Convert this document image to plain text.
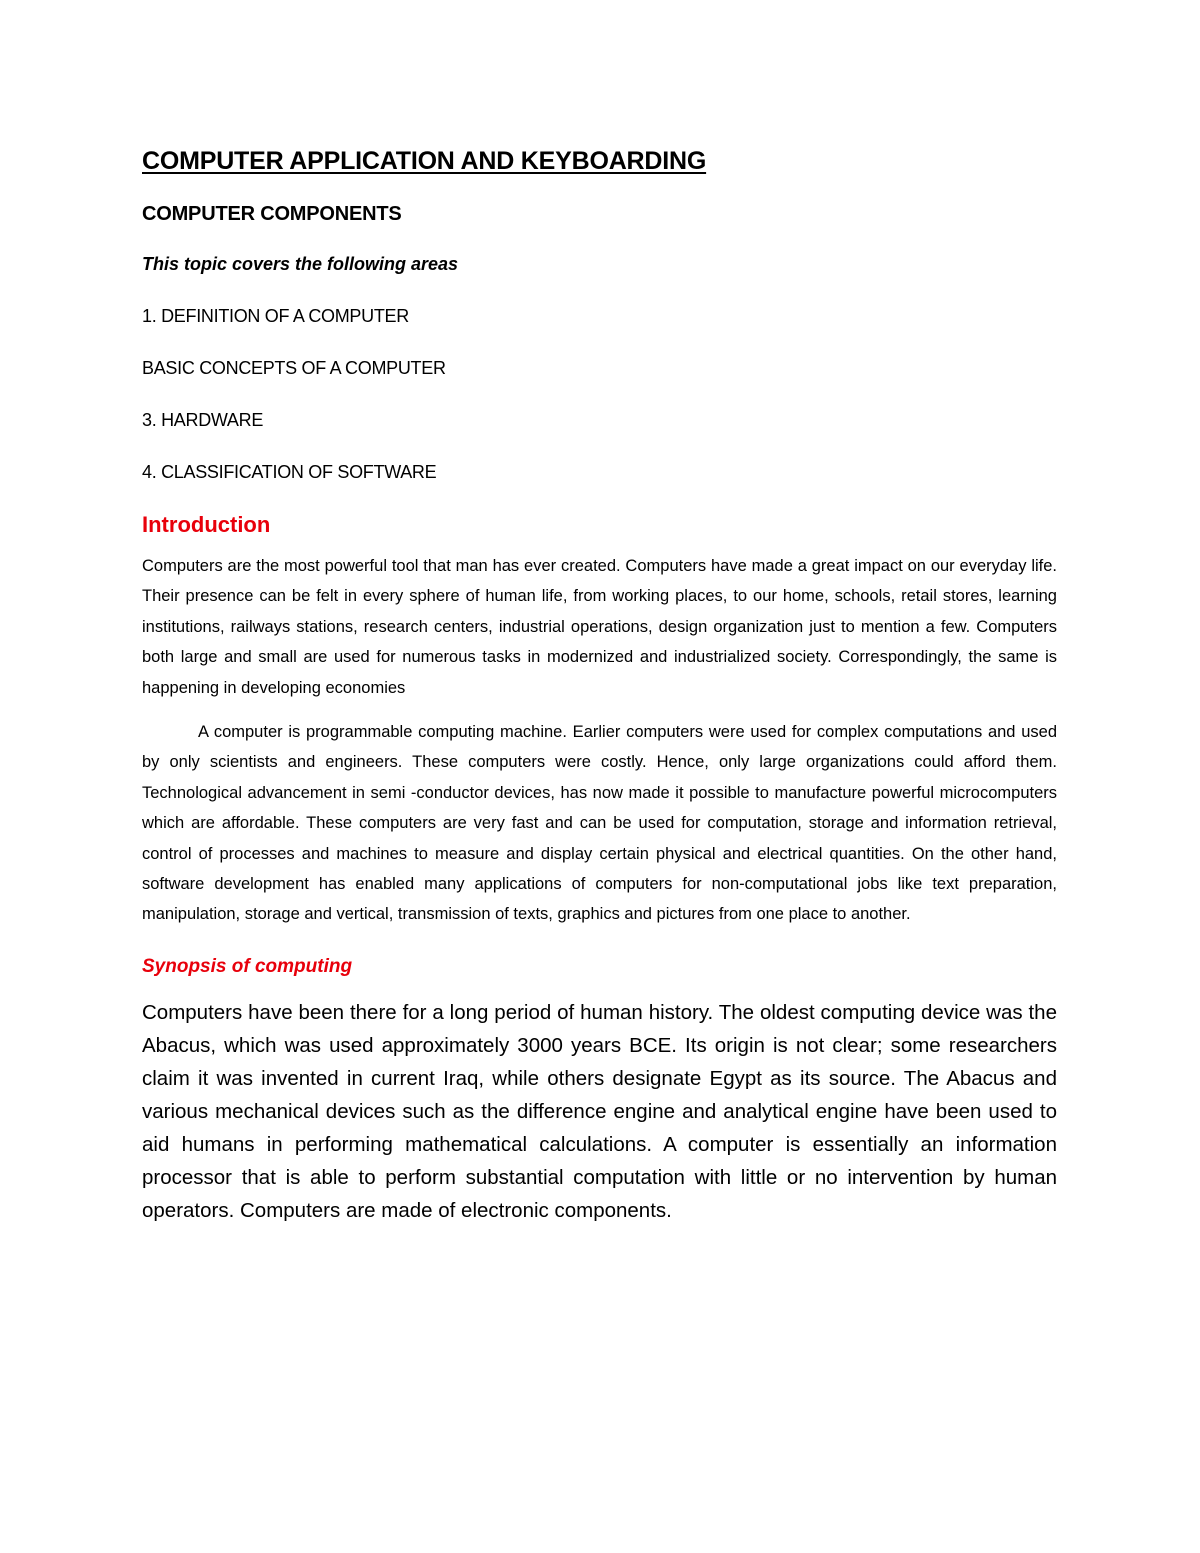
COMPUTER APPLICATION AND KEYBOARDING
COMPUTER COMPONENTS

This topic covers the following areas

1. DEFINITION OF A COMPUTER
BASIC CONCEPTS OF A COMPUTER
3. HARDWARE
4. CLASSIFICATION OF SOFTWARE
Introduction

Computers are the most powerful tool that man has ever created. Computers have made a great impact on our everyday life. Their presence can be felt in every sphere of human life, from working places, to our home, schools, retail stores, learning institutions, railways stations, research centers, industrial operations, design organization just to mention a few. Computers both large and small are used for numerous tasks in modernized and industrialized society. Correspondingly, the same is happening in developing economies

A computer is programmable computing machine. Earlier computers were used for complex computations and used by only scientists and engineers. These computers were costly. Hence, only large organizations could afford them. Technological advancement in semi -conductor devices, has now made it possible to manufacture powerful microcomputers which are affordable. These computers are very fast and can be used for computation, storage and information retrieval, control of processes and machines to measure and display certain physical and electrical quantities. On the other hand, software development has enabled many applications of computers for non-computational jobs like text preparation, manipulation, storage and vertical, transmission of texts, graphics and pictures from one place to another.

Synopsis of computing

Computers have been there for a long period of human history. The oldest computing device was the Abacus, which was used approximately 3000 years BCE. Its origin is not clear; some researchers claim it was invented in current Iraq, while others designate Egypt as its source. The Abacus and various mechanical devices such as the difference engine and analytical engine have been used to aid humans in performing mathematical calculations. A computer is essentially an information processor that is able to perform substantial computation with little or no intervention by human operators. Computers are made of electronic components.
